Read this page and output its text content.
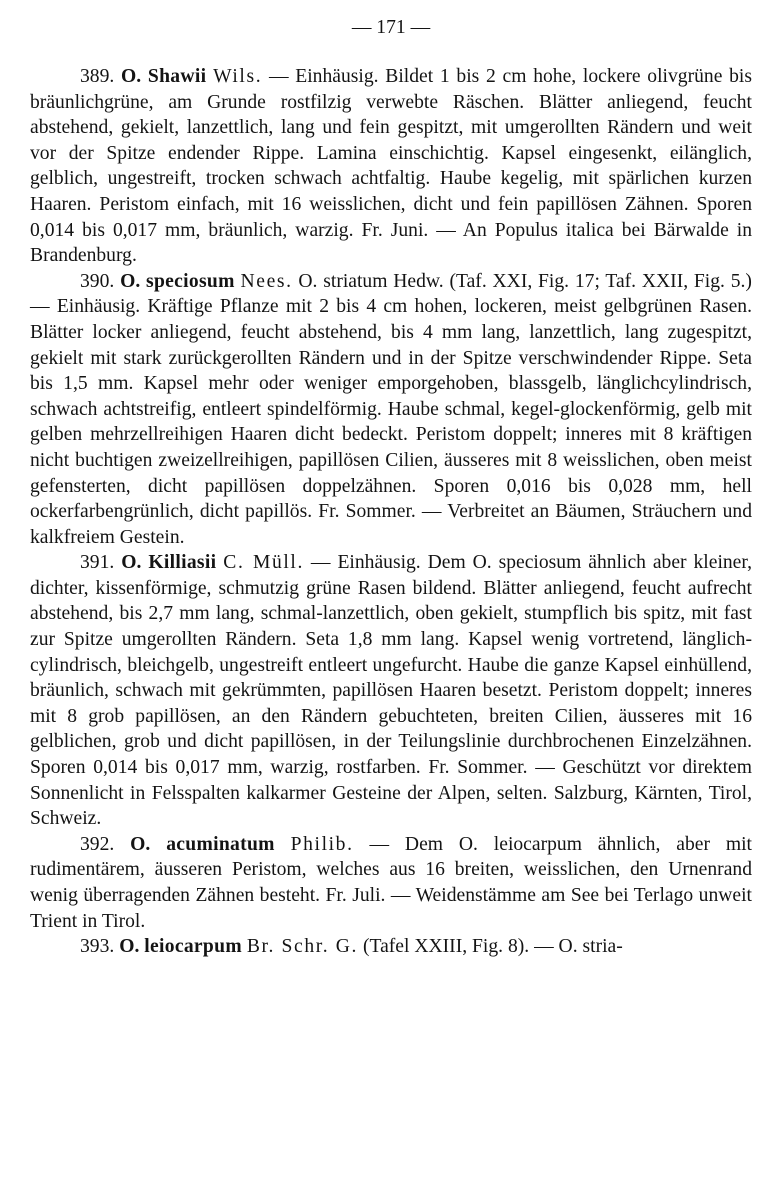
— 171 —

389. O. Shawii Wils. — Einhäusig. Bildet 1 bis 2 cm hohe, lockere olivgrüne bis bräunlichgrüne, am Grunde rostfilzig verwebte Räschen. Blätter anliegend, feucht abstehend, gekielt, lanzettlich, lang und fein gespitzt, mit umgerollten Rändern und weit vor der Spitze endender Rippe. Lamina einschichtig. Kapsel eingesenkt, eilänglich, gelblich, ungestreift, trocken schwach achtfaltig. Haube kegelig, mit spärlichen kurzen Haaren. Peristom einfach, mit 16 weisslichen, dicht und fein papillösen Zähnen. Sporen 0,014 bis 0,017 mm, bräunlich, warzig. Fr. Juni. — An Populus italica bei Bärwalde in Brandenburg.

390. O. speciosum Nees. O. striatum Hedw. (Taf. XXI, Fig. 17; Taf. XXII, Fig. 5.) — Einhäusig. Kräftige Pflanze mit 2 bis 4 cm hohen, lockeren, meist gelbgrünen Rasen. Blätter locker anliegend, feucht abstehend, bis 4 mm lang, lanzettlich, lang zugespitzt, gekielt mit stark zurückgerollten Rändern und in der Spitze verschwindender Rippe. Seta bis 1,5 mm. Kapsel mehr oder weniger emporgehoben, blassgelb, länglichcylindrisch, schwach achtstreifig, entleert spindelförmig. Haube schmal, kegel-glockenförmig, gelb mit gelben mehrzellreihigen Haaren dicht bedeckt. Peristom doppelt; inneres mit 8 kräftigen nicht buchtigen zweizellreihigen, papillösen Cilien, äusseres mit 8 weisslichen, oben meist gefensterten, dicht papillösen doppelzähnen. Sporen 0,016 bis 0,028 mm, hell ockerfarbengrünlich, dicht papillös. Fr. Sommer. — Verbreitet an Bäumen, Sträuchern und kalkfreiem Gestein.

391. O. Killiasii C. Müll. — Einhäusig. Dem O. speciosum ähnlich aber kleiner, dichter, kissenförmige, schmutzig grüne Rasen bildend. Blätter anliegend, feucht aufrecht abstehend, bis 2,7 mm lang, schmal-lanzettlich, oben gekielt, stumpflich bis spitz, mit fast zur Spitze umgerollten Rändern. Seta 1,8 mm lang. Kapsel wenig vortretend, länglich-cylindrisch, bleichgelb, ungestreift entleert ungefurcht. Haube die ganze Kapsel einhüllend, bräunlich, schwach mit gekrümmten, papillösen Haaren besetzt. Peristom doppelt; inneres mit 8 grob papillösen, an den Rändern gebuchteten, breiten Cilien, äusseres mit 16 gelblichen, grob und dicht papillösen, in der Teilungslinie durchbrochenen Einzelzähnen. Sporen 0,014 bis 0,017 mm, warzig, rostfarben. Fr. Sommer. — Geschützt vor direktem Sonnenlicht in Felsspalten kalkarmer Gesteine der Alpen, selten. Salzburg, Kärnten, Tirol, Schweiz.

392. O. acuminatum Philib. — Dem O. leiocarpum ähnlich, aber mit rudimentärem, äusseren Peristom, welches aus 16 breiten, weisslichen, den Urnenrand wenig überragenden Zähnen besteht. Fr. Juli. — Weidenstämme am See bei Terlago unweit Trient in Tirol.

393. O. leiocarpum Br. Schr. G. (Tafel XXIII, Fig. 8). — O. stria-
